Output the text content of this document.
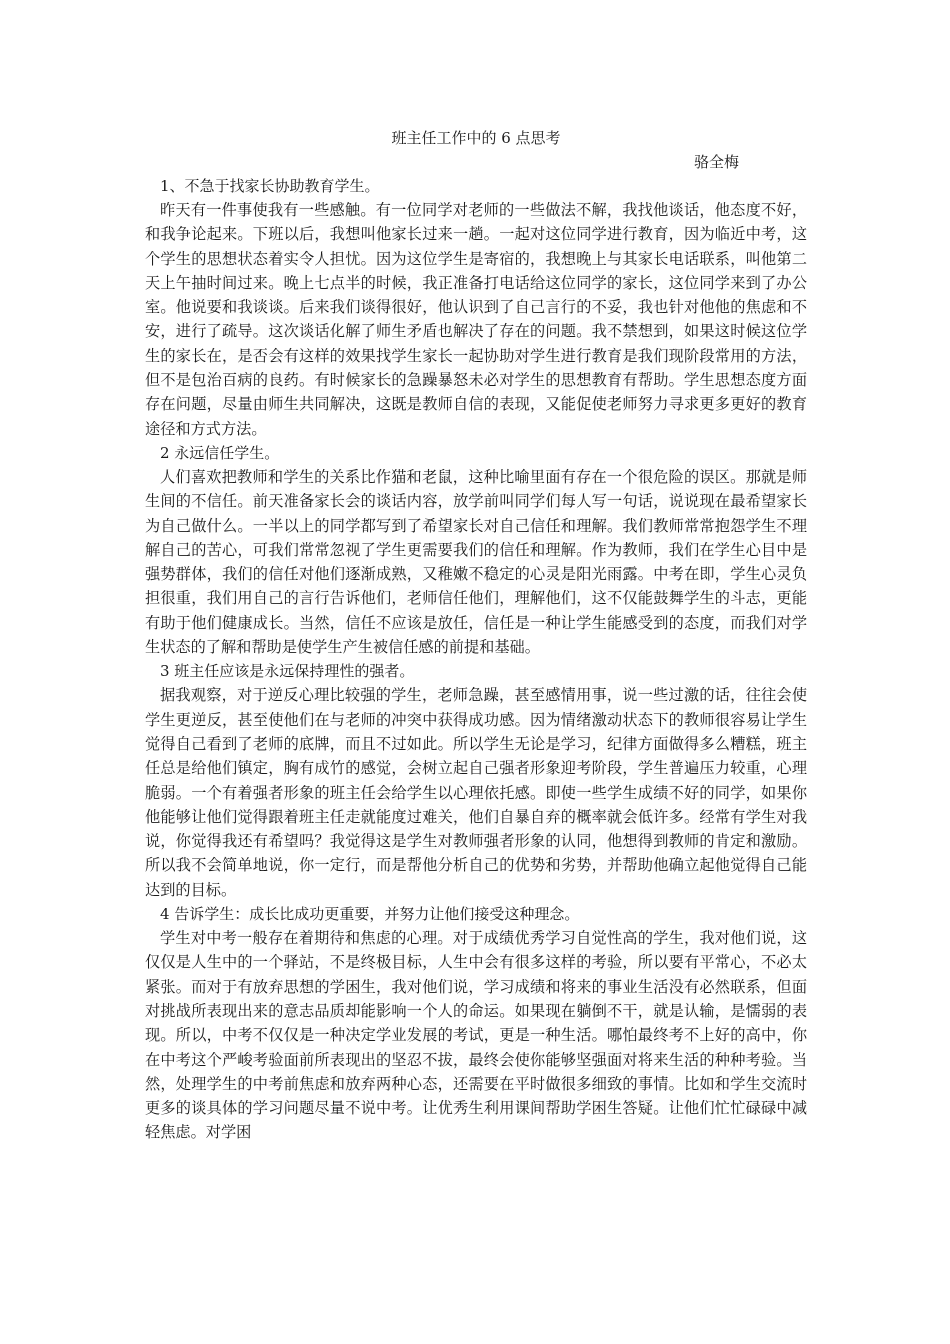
班主任工作中的 6 点思考

骆全梅

1、不急于找家长协助教育学生。

昨天有一件事使我有一些感触。有一位同学对老师的一些做法不解，我找他谈话，他态度不好，和我争论起来。下班以后，我想叫他家长过来一趟。一起对这位同学进行教育，因为临近中考，这个学生的思想状态着实令人担忧。因为这位学生是寄宿的，我想晚上与其家长电话联系，叫他第二天上午抽时间过来。晚上七点半的时候，我正准备打电话给这位同学的家长，这位同学来到了办公室。他说要和我谈谈。后来我们谈得很好，他认识到了自己言行的不妥，我也针对他他的焦虑和不安，进行了疏导。这次谈话化解了师生矛盾也解决了存在的问题。我不禁想到，如果这时候这位学生的家长在，是否会有这样的效果找学生家长一起协助对学生进行教育是我们现阶段常用的方法，但不是包治百病的良药。有时候家长的急躁暴怒未必对学生的思想教育有帮助。学生思想态度方面存在问题，尽量由师生共同解决，这既是教师自信的表现，又能促使老师努力寻求更多更好的教育途径和方式方法。

2 永远信任学生。

人们喜欢把教师和学生的关系比作猫和老鼠，这种比喻里面有存在一个很危险的误区。那就是师生间的不信任。前天准备家长会的谈话内容，放学前叫同学们每人写一句话，说说现在最希望家长为自己做什么。一半以上的同学都写到了希望家长对自己信任和理解。我们教师常常抱怨学生不理解自己的苦心，可我们常常忽视了学生更需要我们的信任和理解。作为教师，我们在学生心目中是强势群体，我们的信任对他们逐渐成熟，又稚嫩不稳定的心灵是阳光雨露。中考在即，学生心灵负担很重，我们用自己的言行告诉他们，老师信任他们，理解他们，这不仅能鼓舞学生的斗志，更能有助于他们健康成长。当然，信任不应该是放任，信任是一种让学生能感受到的态度，而我们对学生状态的了解和帮助是使学生产生被信任感的前提和基础。

3 班主任应该是永远保持理性的强者。

据我观察，对于逆反心理比较强的学生，老师急躁，甚至感情用事，说一些过激的话，往往会使学生更逆反，甚至使他们在与老师的冲突中获得成功感。因为情绪激动状态下的教师很容易让学生觉得自己看到了老师的底牌，而且不过如此。所以学生无论是学习，纪律方面做得多么糟糕，班主任总是给他们镇定，胸有成竹的感觉，会树立起自己强者形象迎考阶段，学生普遍压力较重，心理脆弱。一个有着强者形象的班主任会给学生以心理依托感。即使一些学生成绩不好的同学，如果你他能够让他们觉得跟着班主任走就能度过难关，他们自暴自弃的概率就会低许多。经常有学生对我说，你觉得我还有希望吗？我觉得这是学生对教师强者形象的认同，他想得到教师的肯定和激励。所以我不会简单地说，你一定行，而是帮他分析自己的优势和劣势，并帮助他确立起他觉得自己能达到的目标。

4 告诉学生：成长比成功更重要，并努力让他们接受这种理念。

学生对中考一般存在着期待和焦虑的心理。对于成绩优秀学习自觉性高的学生，我对他们说，这仅仅是人生中的一个驿站，不是终极目标，人生中会有很多这样的考验，所以要有平常心，不必太紧张。而对于有放弃思想的学困生，我对他们说，学习成绩和将来的事业生活没有必然联系，但面对挑战所表现出来的意志品质却能影响一个人的命运。如果现在躺倒不干，就是认输，是懦弱的表现。所以，中考不仅仅是一种决定学业发展的考试，更是一种生活。哪怕最终考不上好的高中，你在中考这个严峻考验面前所表现出的坚忍不拔，最终会使你能够坚强面对将来生活的种种考验。当然，处理学生的中考前焦虑和放弃两种心态，还需要在平时做很多细致的事情。比如和学生交流时更多的谈具体的学习问题尽量不说中考。让优秀生利用课间帮助学困生答疑。让他们忙忙碌碌中减轻焦虑。对学困
